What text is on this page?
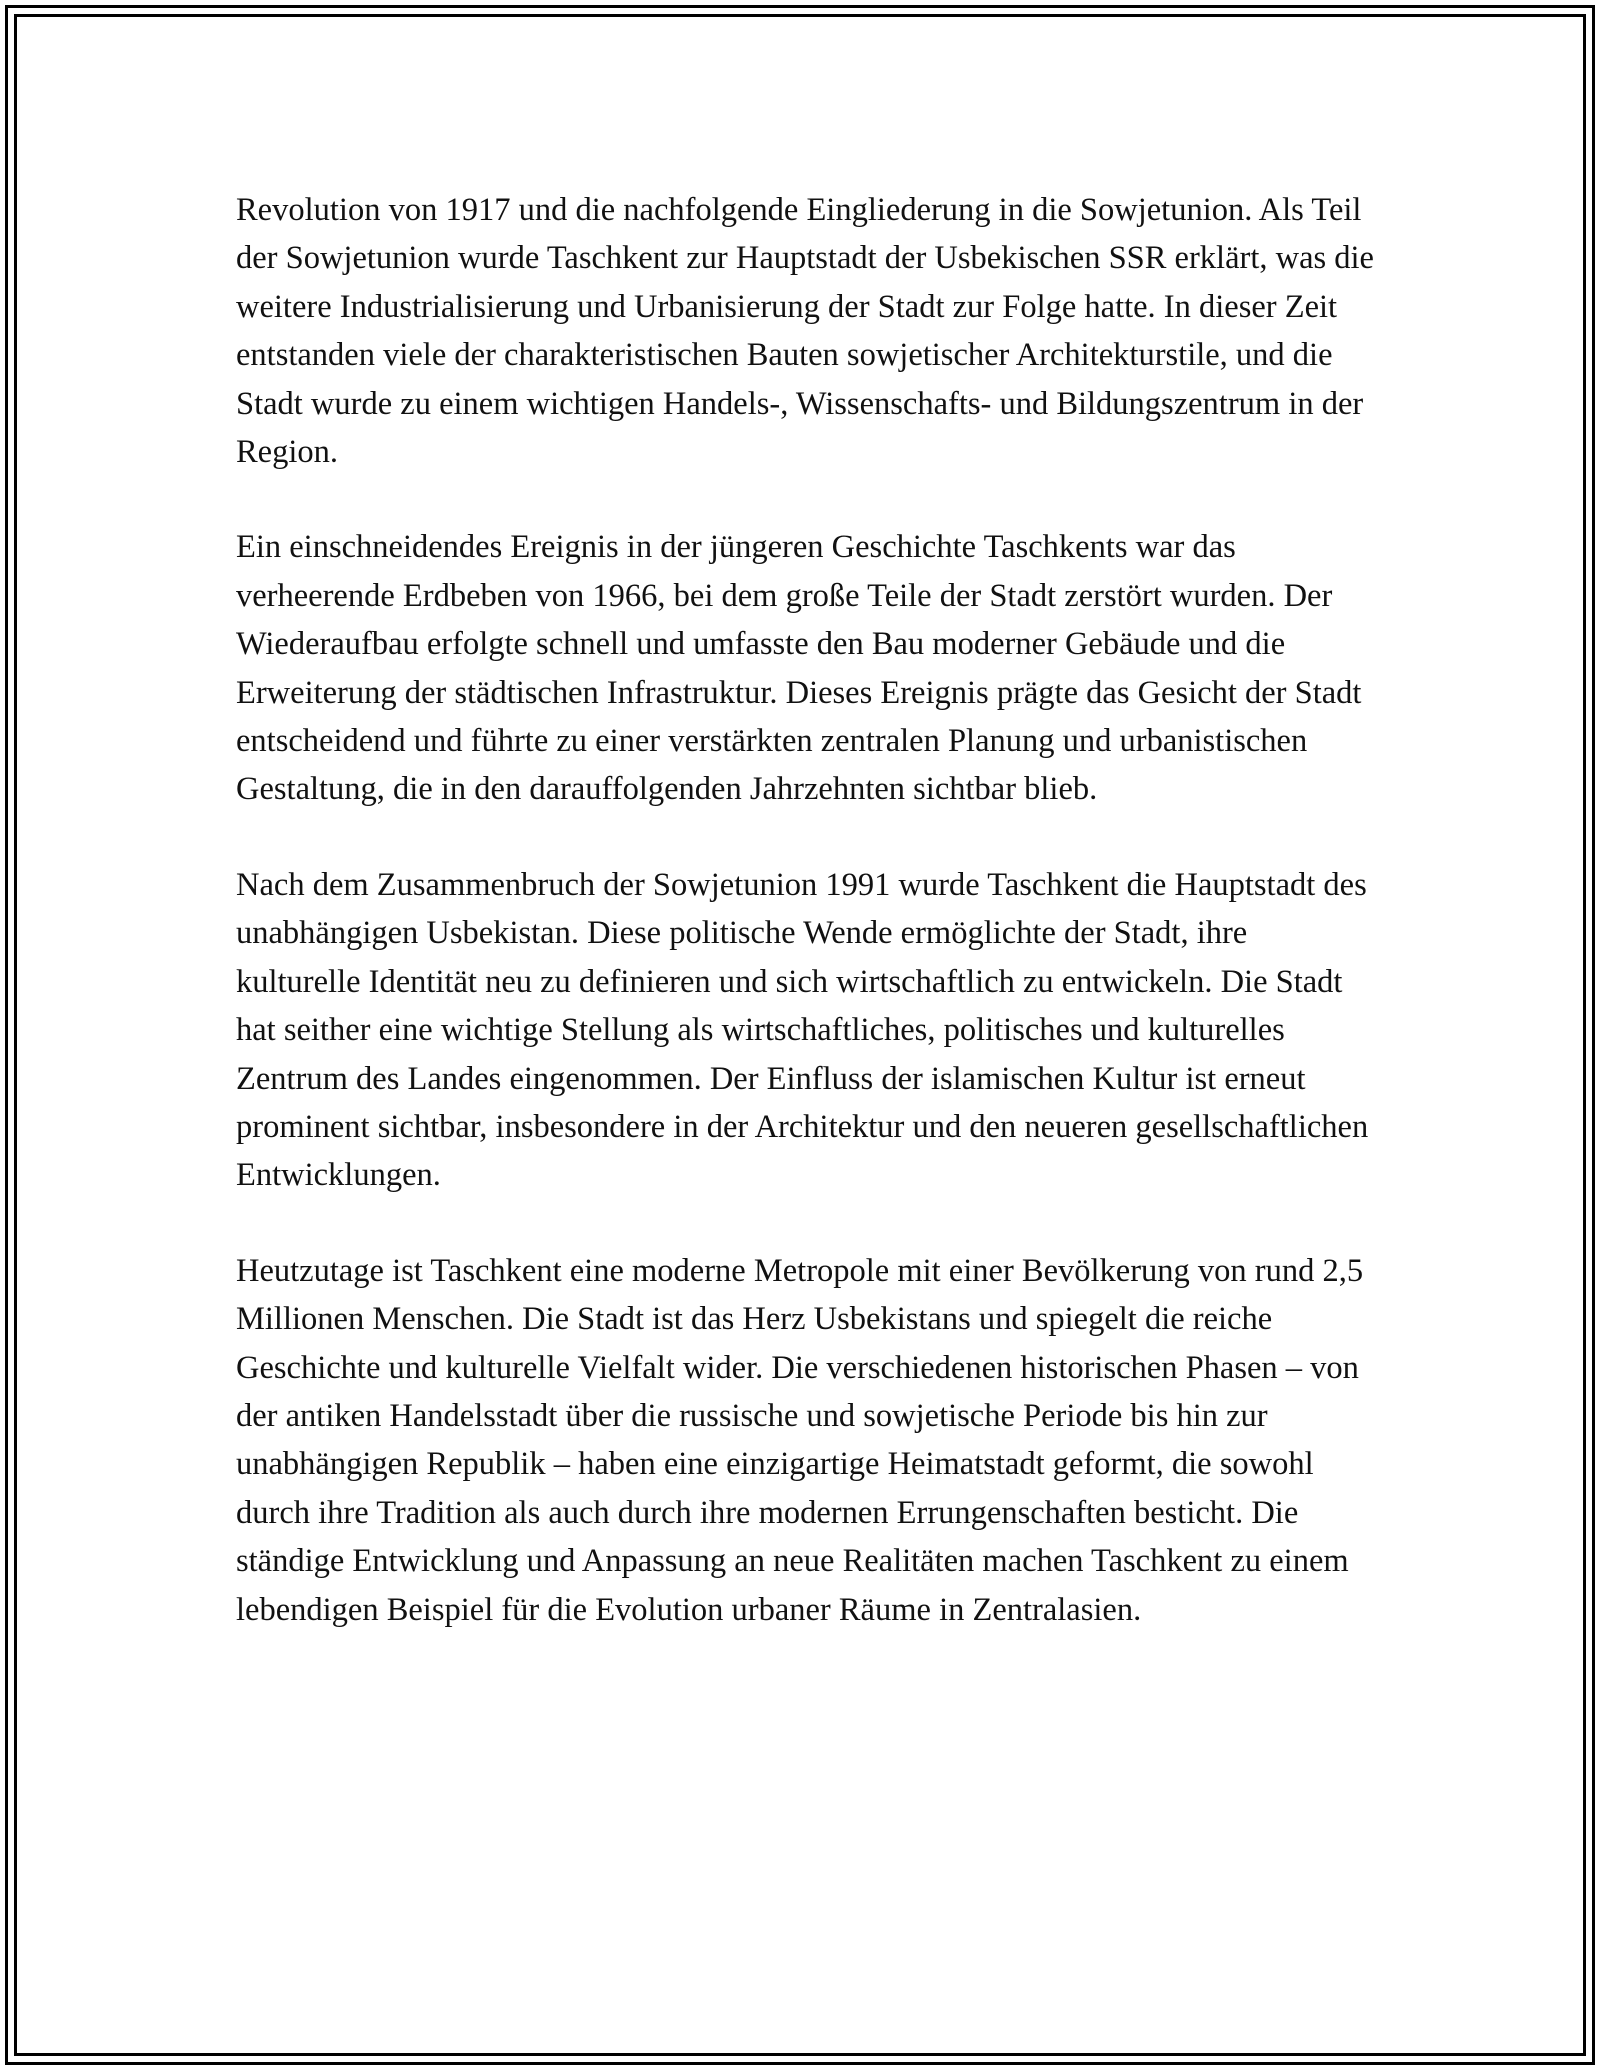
Revolution von 1917 und die nachfolgende Eingliederung in die Sowjetunion. Als Teil der Sowjetunion wurde Taschkent zur Hauptstadt der Usbekischen SSR erklärt, was die weitere Industrialisierung und Urbanisierung der Stadt zur Folge hatte. In dieser Zeit entstanden viele der charakteristischen Bauten sowjetischer Architekturstile, und die Stadt wurde zu einem wichtigen Handels-, Wissenschafts- und Bildungszentrum in der Region.

Ein einschneidendes Ereignis in der jüngeren Geschichte Taschkents war das verheerende Erdbeben von 1966, bei dem große Teile der Stadt zerstört wurden. Der Wiederaufbau erfolgte schnell und umfasste den Bau moderner Gebäude und die Erweiterung der städtischen Infrastruktur. Dieses Ereignis prägte das Gesicht der Stadt entscheidend und führte zu einer verstärkten zentralen Planung und urbanistischen Gestaltung, die in den darauffolgenden Jahrzehnten sichtbar blieb.

Nach dem Zusammenbruch der Sowjetunion 1991 wurde Taschkent die Hauptstadt des unabhängigen Usbekistan. Diese politische Wende ermöglichte der Stadt, ihre kulturelle Identität neu zu definieren und sich wirtschaftlich zu entwickeln. Die Stadt hat seither eine wichtige Stellung als wirtschaftliches, politisches und kulturelles Zentrum des Landes eingenommen. Der Einfluss der islamischen Kultur ist erneut prominent sichtbar, insbesondere in der Architektur und den neueren gesellschaftlichen Entwicklungen.

Heutzutage ist Taschkent eine moderne Metropole mit einer Bevölkerung von rund 2,5 Millionen Menschen. Die Stadt ist das Herz Usbekistans und spiegelt die reiche Geschichte und kulturelle Vielfalt wider. Die verschiedenen historischen Phasen – von der antiken Handelsstadt über die russische und sowjetische Periode bis hin zur unabhängigen Republik – haben eine einzigartige Heimatstadt geformt, die sowohl durch ihre Tradition als auch durch ihre modernen Errungenschaften besticht. Die ständige Entwicklung und Anpassung an neue Realitäten machen Taschkent zu einem lebendigen Beispiel für die Evolution urbaner Räume in Zentralasien.
